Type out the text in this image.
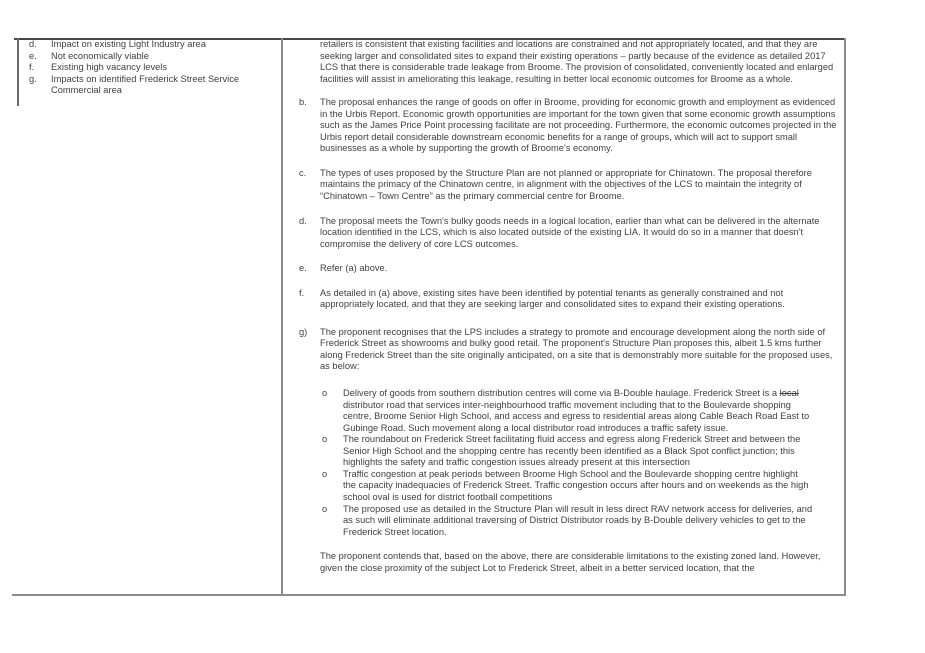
d.	Impact on existing Light Industry area
e.	Not economically viable
f.	Existing high vacancy levels
g.	Impacts on identified Frederick Street Service Commercial area

retailers is consistent that existing facilities and locations are constrained and not appropriately located, and that they are seeking larger and consolidated sites to expand their existing operations – partly because of the evidence as detailed 2017 LCS that there is considerable trade leakage from Broome. The provision of consolidated, conveniently located and enlarged facilities will assist in ameliorating this leakage, resulting in better local economic outcomes for Broome as a whole.

b.	The proposal enhances the range of goods on offer in Broome, providing for economic growth and employment as evidenced in the Urbis Report. Economic growth opportunities are important for the town given that some economic growth assumptions such as the James Price Point processing facilitate are not proceeding. Furthermore, the economic outcomes projected in the Urbis report detail considerable downstream economic benefits for a range of groups, which will act to support small businesses as a whole by supporting the growth of Broome's economy.
c.	The types of uses proposed by the Structure Plan are not planned or appropriate for Chinatown. The proposal therefore maintains the primacy of the Chinatown centre, in alignment with the objectives of the LCS to maintain the integrity of “Chinatown – Town Centre” as the primary commercial centre for Broome.
d.	The proposal meets the Town's bulky goods needs in a logical location, earlier than what can be delivered in the alternate location identified in the LCS, which is also located outside of the existing LIA. It would do so in a manner that doesn't compromise the delivery of core LCS outcomes.
e.	Refer (a) above.
f.	As detailed in (a) above, existing sites have been identified by potential tenants as generally constrained and not appropriately located, and that they are seeking larger and consolidated sites to expand their existing operations.
g)	The proponent recognises that the LPS includes a strategy to promote and encourage development along the north side of Frederick Street as showrooms and bulky good retail. The proponent's Structure Plan proposes this, albeit 1.5 kms further along Frederick Street than the site originally anticipated, on a site that is demonstrably more suitable for the proposed uses, as below:
o	Delivery of goods from southern distribution centres will come via B-Double haulage. Frederick Street is a local distributor road that services inter-neighbourhood traffic movement including that to the Boulevarde shopping centre, Broome Senior High School, and access and egress to residential areas along Cable Beach Road East to Gubinge Road. Such movement along a local distributor road introduces a traffic safety issue.
o	The roundabout on Frederick Street facilitating fluid access and egress along Frederick Street and between the Senior High School and the shopping centre has recently been identified as a Black Spot conflict junction; this highlights the safety and traffic congestion issues already present at this intersection
o	Traffic congestion at peak periods between Broome High School and the Boulevarde shopping centre highlight the capacity inadequacies of Frederick Street. Traffic congestion occurs after hours and on weekends as the high school oval is used for district football competitions
o	The proposed use as detailed in the Structure Plan will result in less direct RAV network access for deliveries, and as such will eliminate additional traversing of District Distributor roads by B-Double delivery vehicles to get to the Frederick Street location.

The proponent contends that, based on the above, there are considerable limitations to the existing zoned land. However, given the close proximity of the subject Lot to Frederick Street, albeit in a better serviced location, that the
